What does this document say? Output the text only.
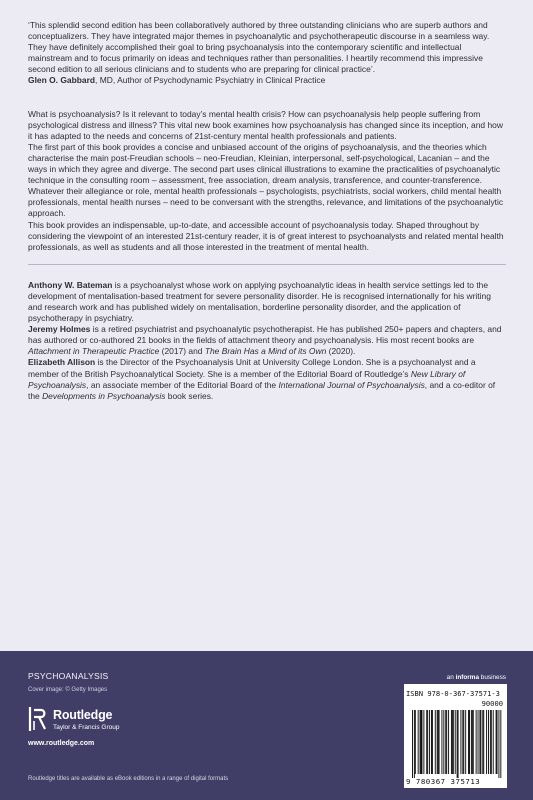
‘This splendid second edition has been collaboratively authored by three outstanding clinicians who are superb authors and conceptualizers. They have integrated major themes in psychoanalytic and psychotherapeutic discourse in a seamless way. They have definitely accomplished their goal to bring psychoanalysis into the contemporary scientific and intellectual mainstream and to focus primarily on ideas and techniques rather than personalities. I heartily recommend this impressive second edition to all serious clinicians and to students who are preparing for clinical practice’.

Glen O. Gabbard, MD, Author of Psychodynamic Psychiatry in Clinical Practice

What is psychoanalysis? Is it relevant to today’s mental health crisis? How can psychoanalysis help people suffering from psychological distress and illness? This vital new book examines how psychoanalysis has changed since its inception, and how it has adapted to the needs and concerns of 21st-century mental health professionals and patients.

The first part of this book provides a concise and unbiased account of the origins of psychoanalysis, and the theories which characterise the main post-Freudian schools – neo-Freudian, Kleinian, interpersonal, self-psychological, Lacanian – and the ways in which they agree and diverge. The second part uses clinical illustrations to examine the practicalities of psychoanalytic technique in the consulting room – assessment, free association, dream analysis, transference, and counter-transference. Whatever their allegiance or role, mental health professionals – psychologists, psychiatrists, social workers, child mental health professionals, mental health nurses – need to be conversant with the strengths, relevance, and limitations of the psychoanalytic approach.

This book provides an indispensable, up-to-date, and accessible account of psychoanalysis today. Shaped throughout by considering the viewpoint of an interested 21st-century reader, it is of great interest to psychoanalysts and related mental health professionals, as well as students and all those interested in the treatment of mental health.

Anthony W. Bateman is a psychoanalyst whose work on applying psychoanalytic ideas in health service settings led to the development of mentalisation-based treatment for severe personality disorder. He is recognised internationally for his writing and research work and has published widely on mentalisation, borderline personality disorder, and the application of psychotherapy in psychiatry.

Jeremy Holmes is a retired psychiatrist and psychoanalytic psychotherapist. He has published 250+ papers and chapters, and has authored or co-authored 21 books in the fields of attachment theory and psychoanalysis. His most recent books are Attachment in Therapeutic Practice (2017) and The Brain Has a Mind of its Own (2020).

Elizabeth Allison is the Director of the Psychoanalysis Unit at University College London. She is a psychoanalyst and a member of the British Psychoanalytical Society. She is a member of the Editorial Board of Routledge’s New Library of Psychoanalysis, an associate member of the Editorial Board of the International Journal of Psychoanalysis, and a co-editor of the Developments in Psychoanalysis book series.

PSYCHOANALYSIS
Cover image: © Getty Images
Routledge
Taylor & Francis Group
www.routledge.com
Routledge titles are available as eBook editions in a range of digital formats
an informa business
ISBN 978-0-367-37571-3
90000
9 780367 375713
